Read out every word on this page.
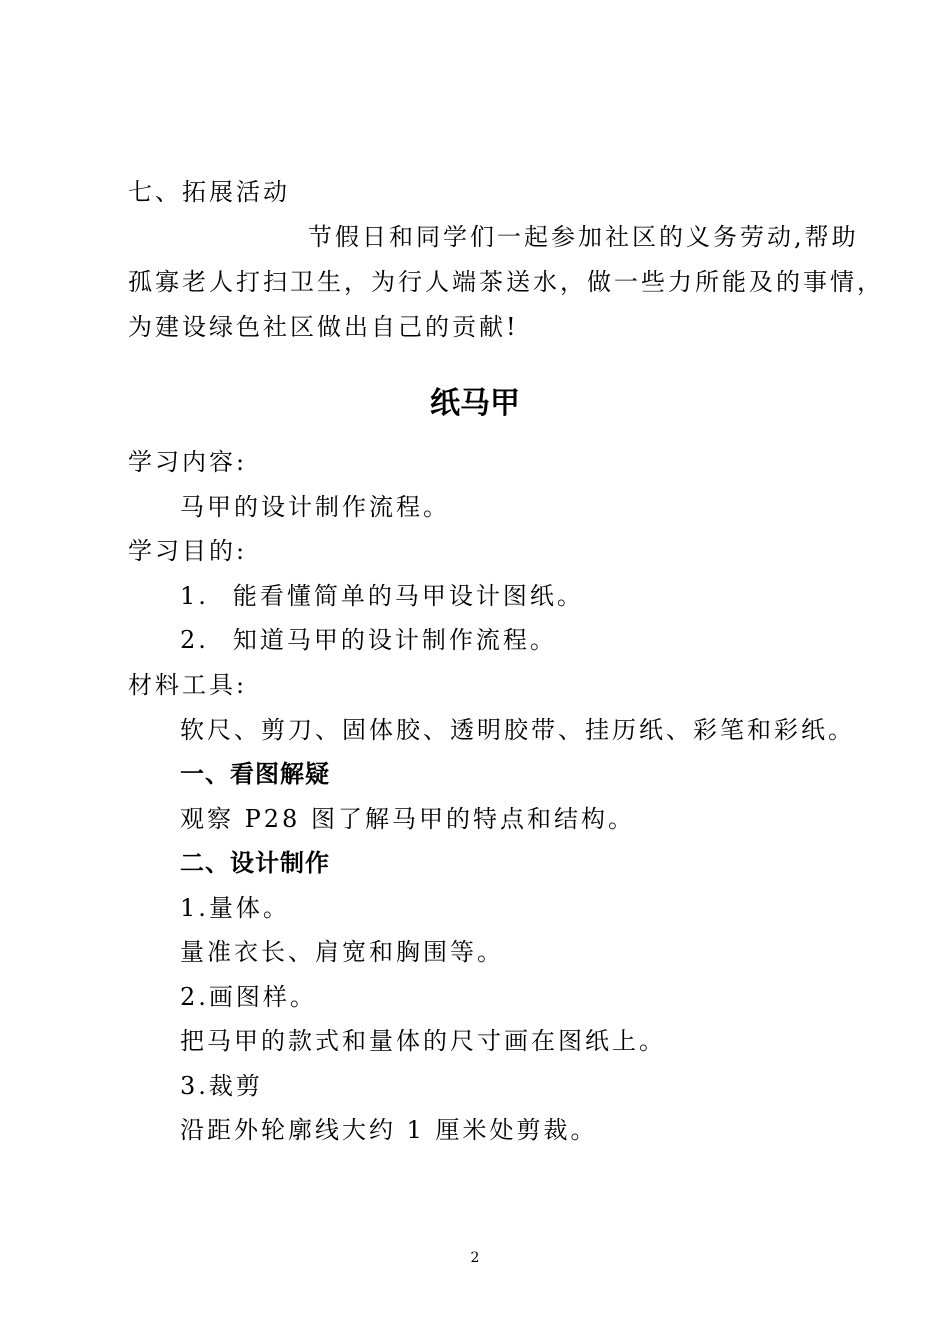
七、拓展活动
节假日和同学们一起参加社区的义务劳动,帮助
孤寡老人打扫卫生，为行人端茶送水，做一些力所能及的事情，
为建设绿色社区做出自己的贡献!
纸马甲
学习内容:
马甲的设计制作流程。
学习目的:
1. 能看懂简单的马甲设计图纸。
2. 知道马甲的设计制作流程。
材料工具:
软尺、剪刀、固体胶、透明胶带、挂历纸、彩笔和彩纸。
一、看图解疑
观察 P28 图了解马甲的特点和结构。
二、设计制作
1.量体。
量准衣长、肩宽和胸围等。
2.画图样。
把马甲的款式和量体的尺寸画在图纸上。
3.裁剪
沿距外轮廓线大约 1 厘米处剪裁。
2
